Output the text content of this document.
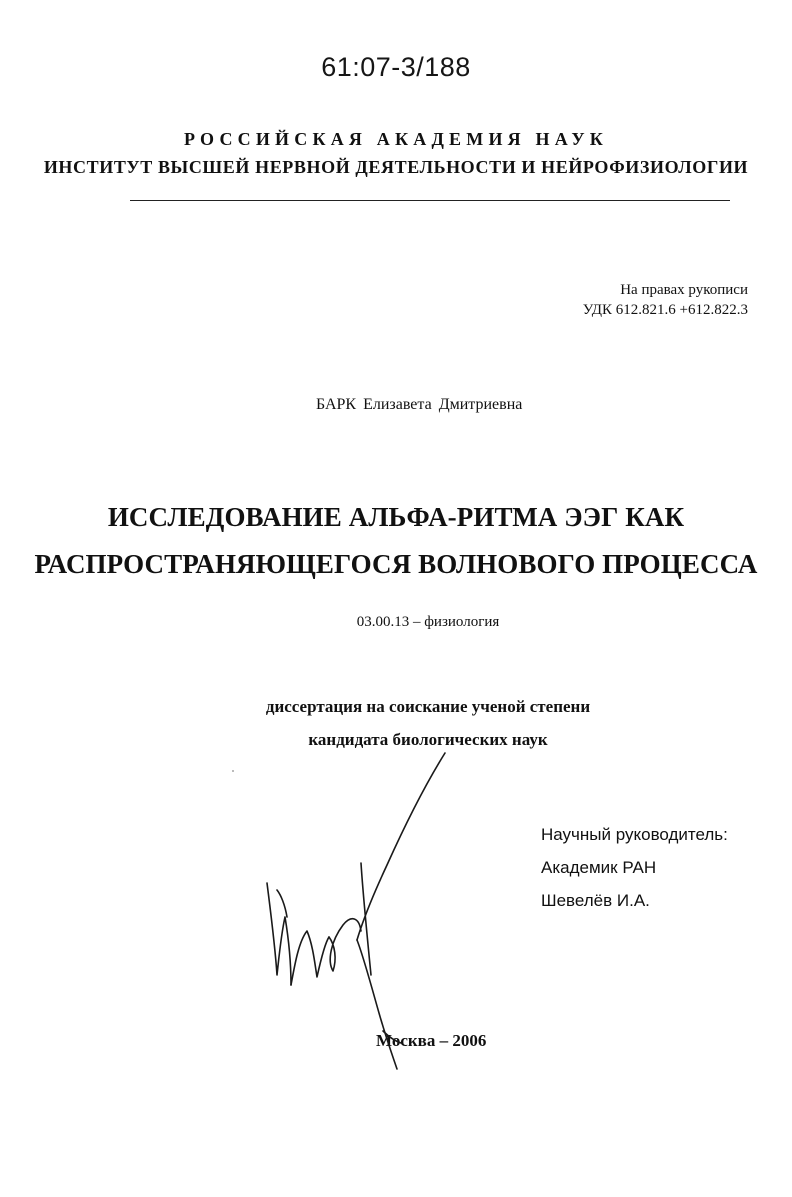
61:07-3/188
РОССИЙСКАЯ АКАДЕМИЯ НАУК
ИНСТИТУТ ВЫСШЕЙ НЕРВНОЙ ДЕЯТЕЛЬНОСТИ И НЕЙРОФИЗИОЛОГИИ
На правах рукописи
УДК 612.821.6 +612.822.3
БАРК Елизавета Дмитриевна
ИССЛЕДОВАНИЕ АЛЬФА-РИТМА ЭЭГ КАК
РАСПРОСТРАНЯЮЩЕГОСЯ ВОЛНОВОГО ПРОЦЕССА
03.00.13 – физиология
диссертация на соискание ученой степени
кандидата биологических наук
Научный руководитель:
Академик РАН
Шевелёв И.А.
Москва – 2006
